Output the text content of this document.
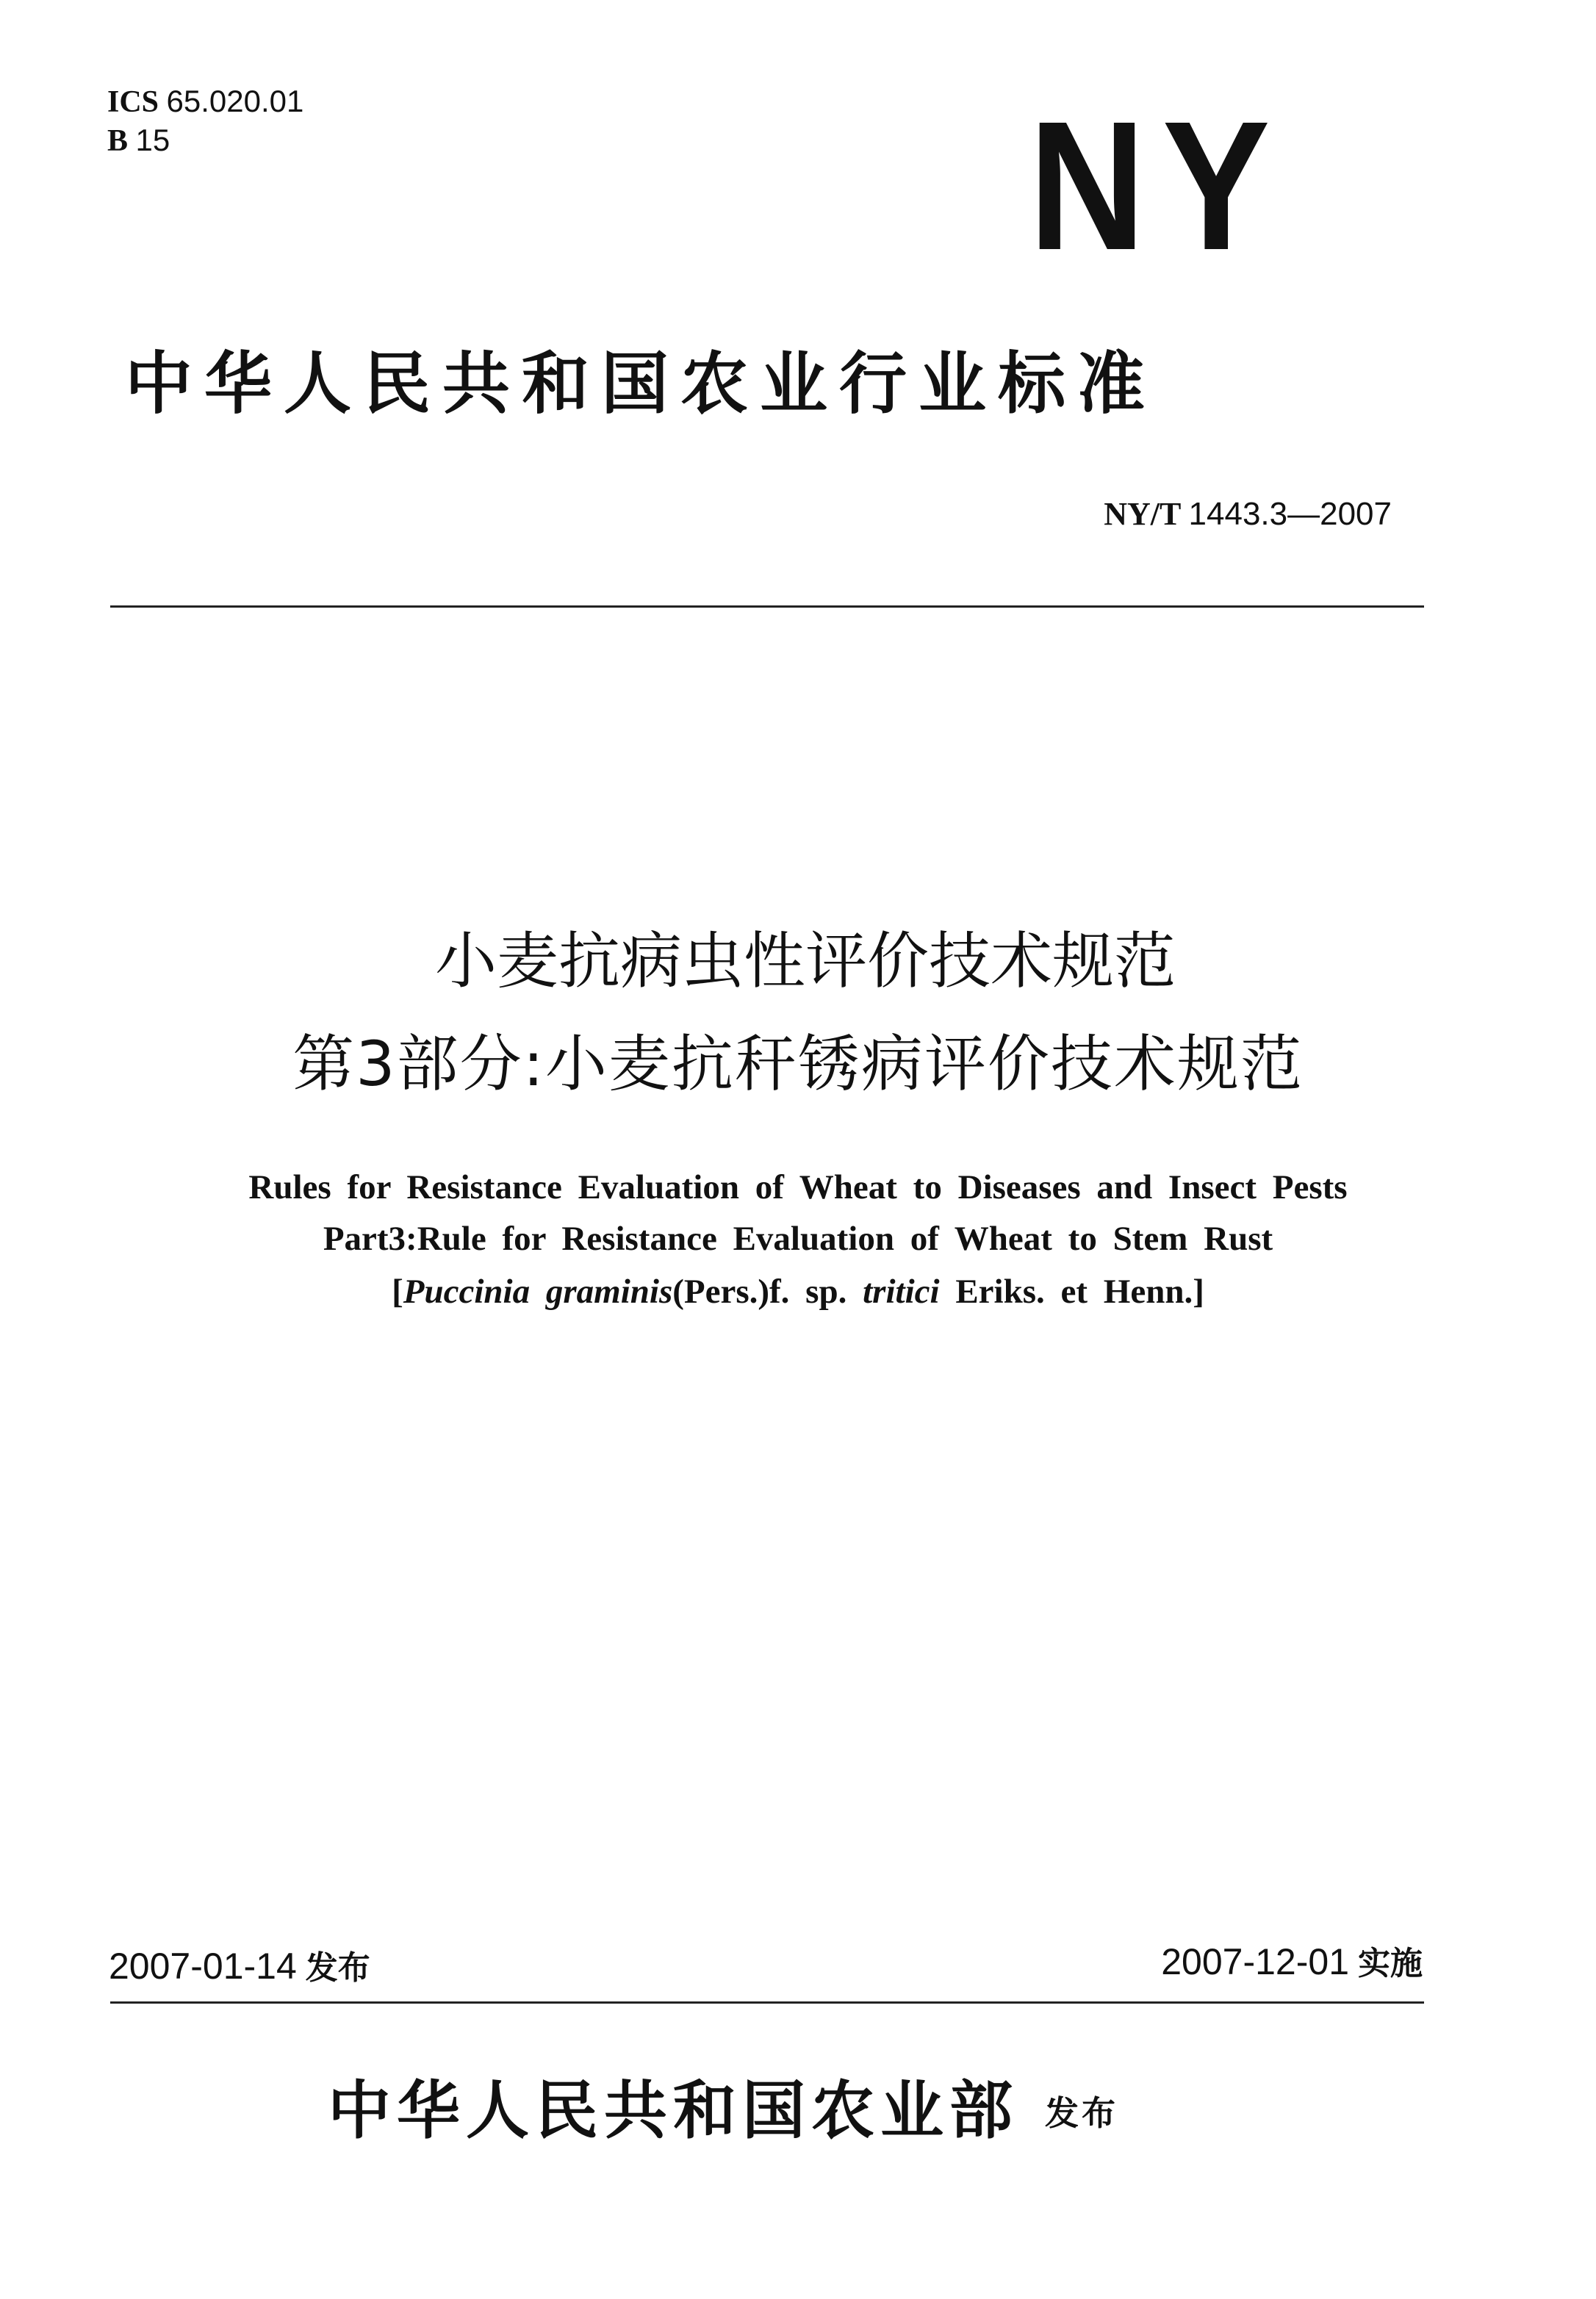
ICS 65.020.01
B 15	NY
中华人民共和国农业行业标准
NY/T 1443.3—2007
小麦抗病虫性评价技术规范
第3部分:小麦抗秆锈病评价技术规范
Rules for Resistance Evaluation of Wheat to Diseases and Insect Pests
Part3:Rule for Resistance Evaluation of Wheat to Stem Rust
[Puccinia graminis(Pers.)f. sp. tritici Eriks. et Henn.]
2007-01-14 发布	2007-12-01 实施
中华人民共和国农业部 发布
